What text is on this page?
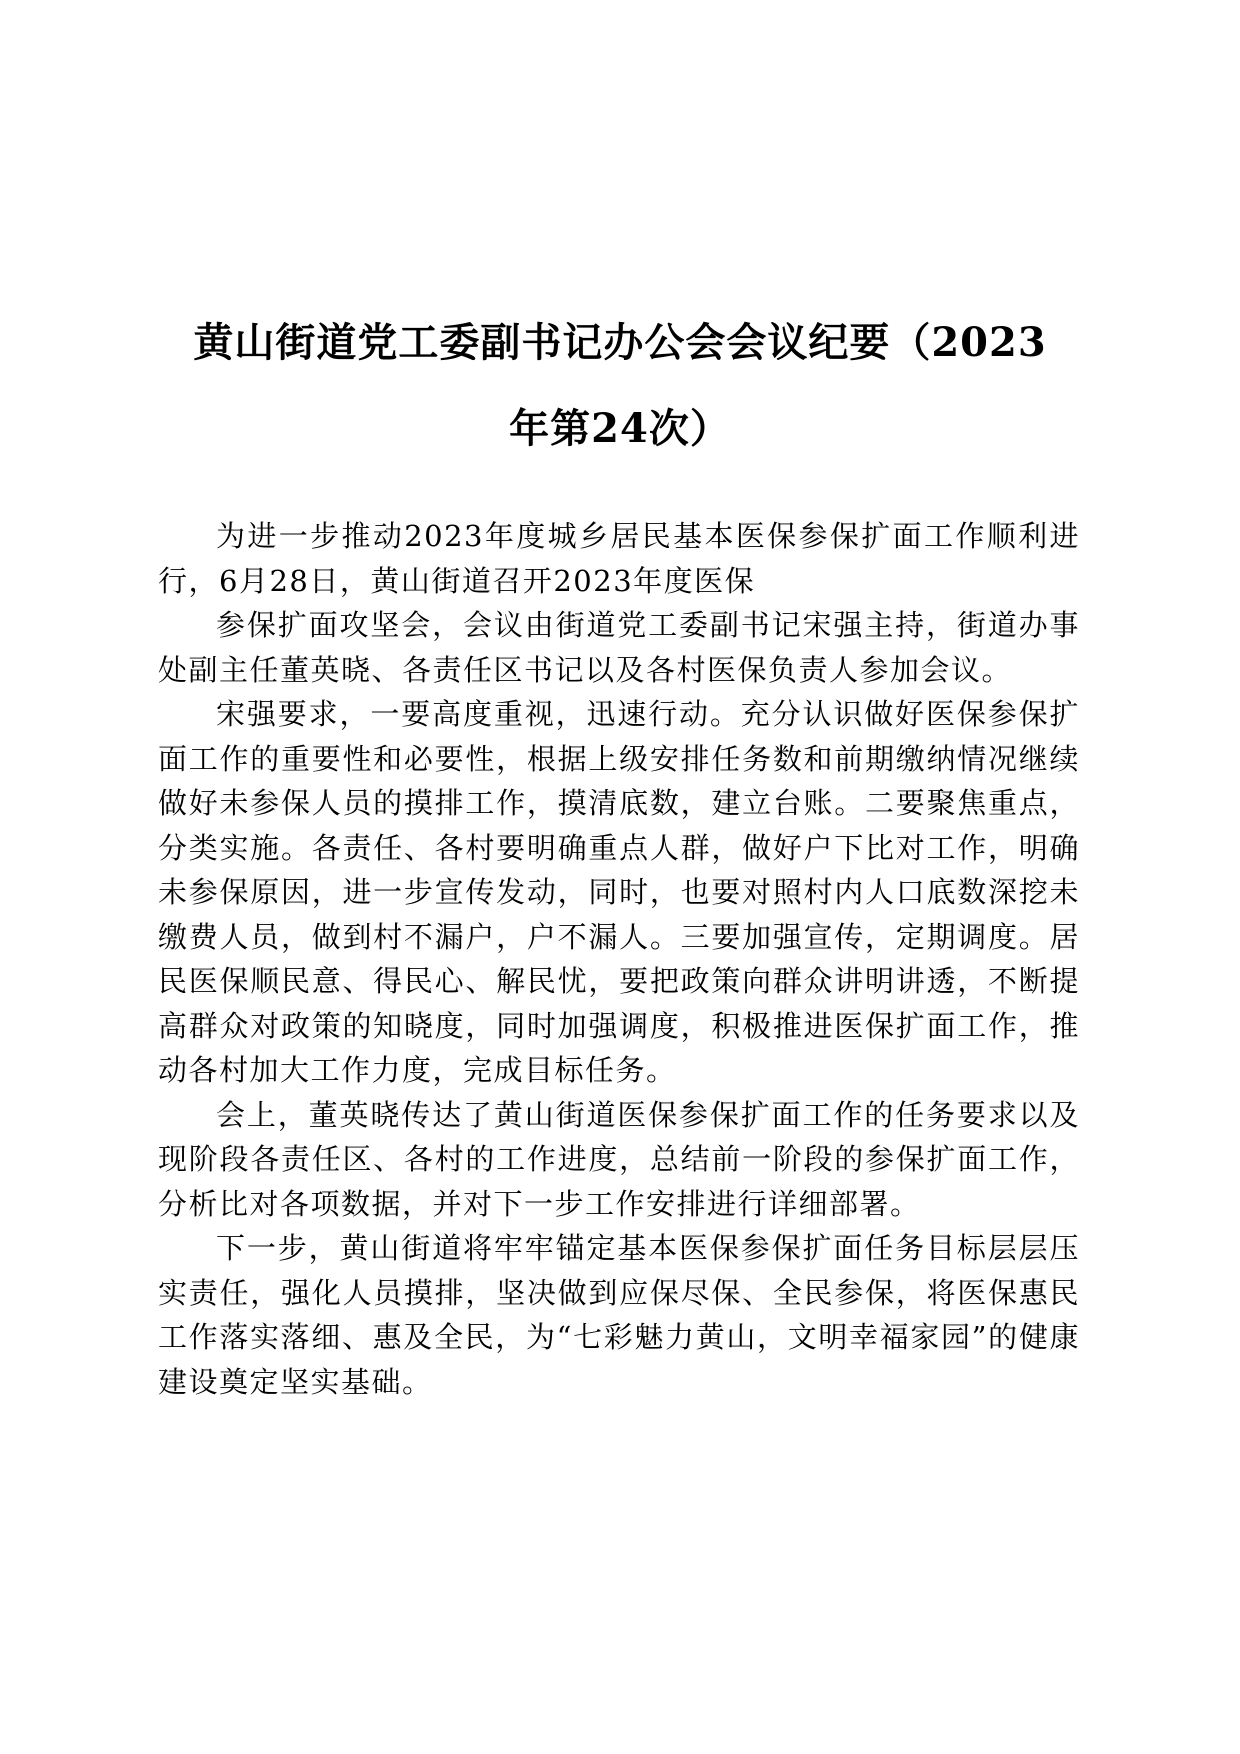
黄山街道党工委副书记办公会会议纪要（2023
年第24次）

为进一步推动2023年度城乡居民基本医保参保扩面工作顺利进行，6月28日，黄山街道召开2023年度医保

参保扩面攻坚会，会议由街道党工委副书记宋强主持，街道办事处副主任董英晓、各责任区书记以及各村医保负责人参加会议。

宋强要求，一要高度重视，迅速行动。充分认识做好医保参保扩面工作的重要性和必要性，根据上级安排任务数和前期缴纳情况继续做好未参保人员的摸排工作，摸清底数，建立台账。二要聚焦重点，分类实施。各责任、各村要明确重点人群，做好户下比对工作，明确未参保原因，进一步宣传发动，同时，也要对照村内人口底数深挖未缴费人员，做到村不漏户，户不漏人。三要加强宣传，定期调度。居民医保顺民意、得民心、解民忧，要把政策向群众讲明讲透，不断提高群众对政策的知晓度，同时加强调度，积极推进医保扩面工作，推动各村加大工作力度，完成目标任务。

会上，董英晓传达了黄山街道医保参保扩面工作的任务要求以及现阶段各责任区、各村的工作进度，总结前一阶段的参保扩面工作，分析比对各项数据，并对下一步工作安排进行详细部署。

下一步，黄山街道将牢牢锚定基本医保参保扩面任务目标层层压实责任，强化人员摸排，坚决做到应保尽保、全民参保，将医保惠民工作落实落细、惠及全民，为“七彩魅力黄山，文明幸福家园”的健康建设奠定坚实基础。
